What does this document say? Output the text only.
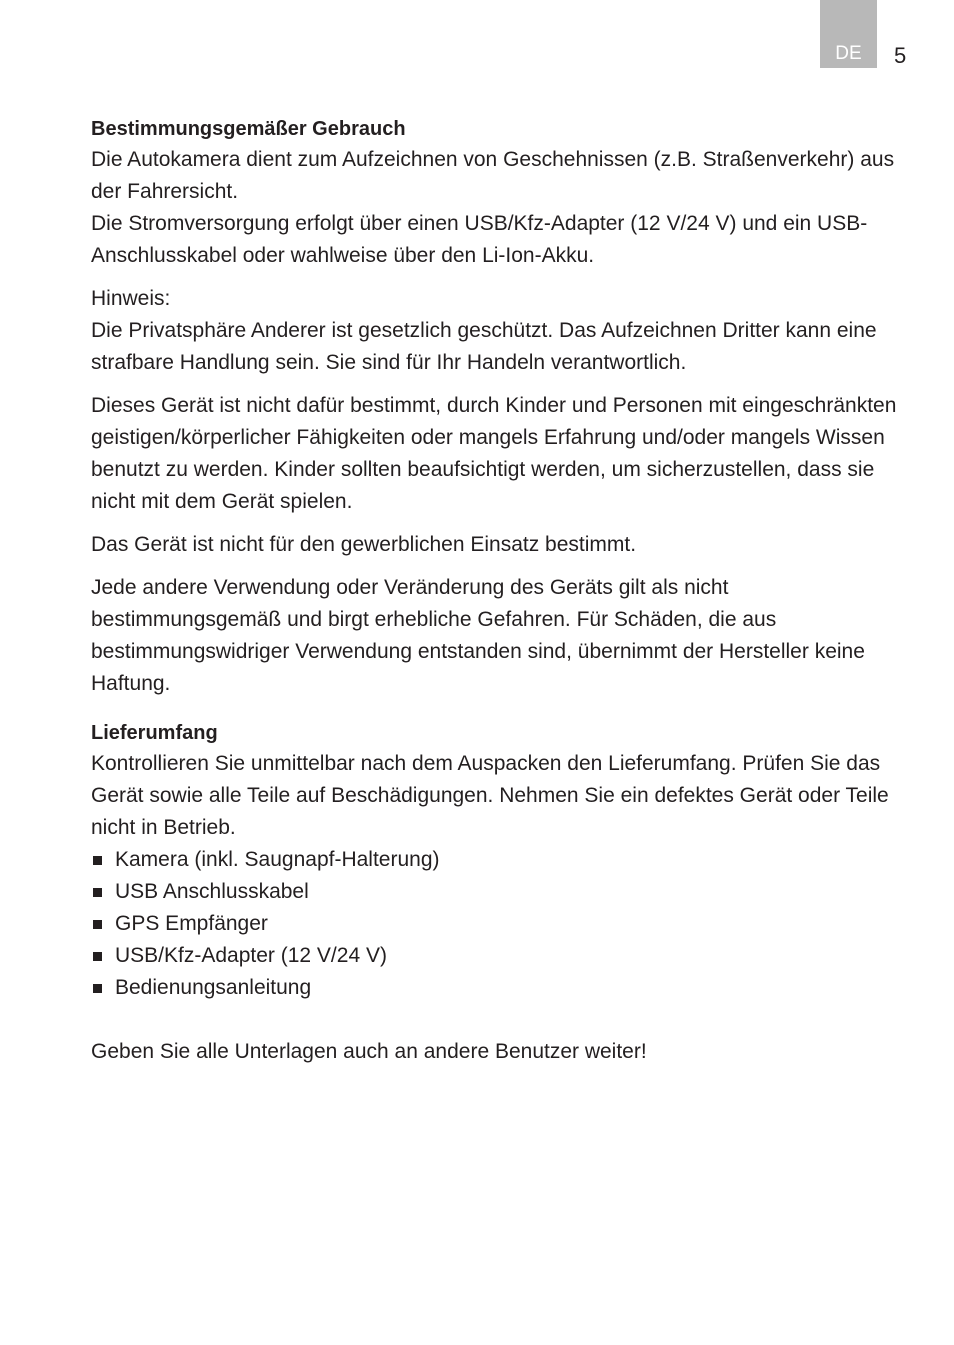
DE 5
Bestimmungsgemäßer Gebrauch

Die Autokamera dient zum Aufzeichnen von Geschehnissen (z.B. Straßenverkehr) aus der Fahrersicht.

Die Stromversorgung erfolgt über einen USB/Kfz-Adapter (12 V/24 V) und ein USB-Anschlusskabel oder wahlweise über den Li-Ion-Akku.

Hinweis:

Die Privatsphäre Anderer ist gesetzlich geschützt. Das Aufzeichnen Dritter kann eine strafbare Handlung sein. Sie sind für Ihr Handeln verantwortlich.

Dieses Gerät ist nicht dafür bestimmt, durch Kinder und Personen mit eingeschränkten geistigen/körperlicher Fähigkeiten oder mangels Erfahrung und/oder mangels Wissen benutzt zu werden. Kinder sollten beaufsichtigt werden, um sicherzustellen, dass sie nicht mit dem Gerät spielen.

Das Gerät ist nicht für den gewerblichen Einsatz bestimmt.

Jede andere Verwendung oder Veränderung des Geräts gilt als nicht bestimmungsgemäß und birgt erhebliche Gefahren. Für Schäden, die aus bestimmungswidriger Verwendung entstanden sind, übernimmt der Hersteller keine Haftung.

Lieferumfang

Kontrollieren Sie unmittelbar nach dem Auspacken den Lieferumfang. Prüfen Sie das Gerät sowie alle Teile auf Beschädigungen. Nehmen Sie ein defektes Gerät oder Teile nicht in Betrieb.

Kamera (inkl. Saugnapf-Halterung)
USB Anschlusskabel
GPS Empfänger
USB/Kfz-Adapter (12 V/24 V)
Bedienungsanleitung

Geben Sie alle Unterlagen auch an andere Benutzer weiter!
